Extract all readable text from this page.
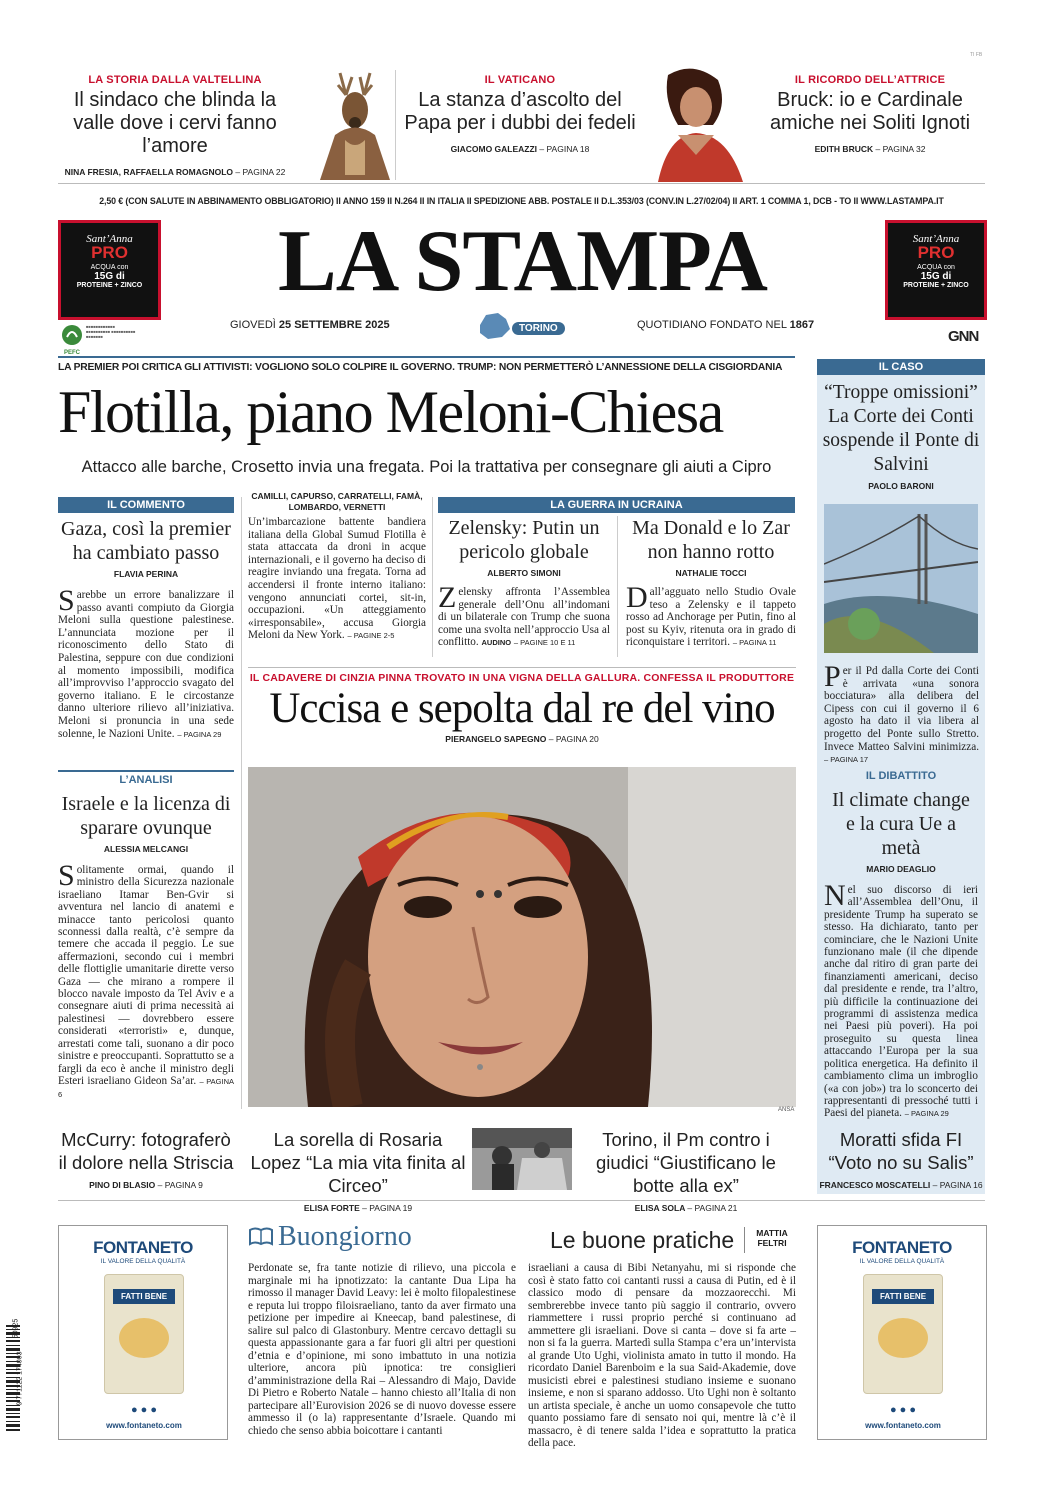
LA STORIA DALLA VALTELLINA
Il sindaco che blinda la valle dove i cervi fanno l’amore
NINA FRESIA, RAFFAELLA ROMAGNOLO – PAGINA 22
IL VATICANO
La stanza d’ascolto del Papa per i dubbi dei fedeli
GIACOMO GALEAZZI – PAGINA 18
IL RICORDO DELL’ATTRICE
Bruck: io e Cardinale amiche nei Soliti Ignoti
EDITH BRUCK – PAGINA 32
TI FB
2,50 € (CON SALUTE IN ABBINAMENTO OBBLIGATORIO) II ANNO 159 II N.264 II IN ITALIA II SPEDIZIONE ABB. POSTALE II D.L.353/03 (CONV.IN L.27/02/04) II ART. 1 COMMA 1, DCB - TO II WWW.LASTAMPA.IT
Sant’Anna
PRO
ACQUA con
15G di
PROTEINE + ZINCO
Sant’Anna
PRO
ACQUA con
15G di
PROTEINE + ZINCO
LA STAMPA
GIOVEDÌ 25 SETTEMBRE 2025	TORINO	QUOTIDIANO FONDATO NEL 1867
PEFC
■■■■■■■■■■■■ ■■■■■■■■■■ ■■■■■■■■■■ ■■■■■■■	GNN
LA PREMIER POI CRITICA GLI ATTIVISTI: VOGLIONO SOLO COLPIRE IL GOVERNO. TRUMP: NON PERMETTERÒ L’ANNESSIONE DELLA CISGIORDANIA
Flotilla, piano Meloni-Chiesa
Attacco alle barche, Crosetto invia una fregata. Poi la trattativa per consegnare gli aiuti a Cipro
IL COMMENTO
Gaza, così la premier ha cambiato passo
FLAVIA PERINA
Sarebbe un errore banalizzare il passo avanti compiuto da Giorgia Meloni sulla questione palestinese. L’annunciata mozione per il riconoscimento dello Stato di Palestina, seppure con due condizioni al momento impossibili, modifica all’improvviso l’approccio svagato del governo italiano. E le circostanze danno ulteriore rilievo all’iniziativa. Meloni si pronuncia in una sede solenne, le Nazioni Unite. – PAGINA 29
CAMILLI, CAPURSO, CARRATELLI, FAMÀ, LOMBARDO, VERNETTI
Un’imbarcazione battente bandiera italiana della Global Sumud Flotilla è stata attaccata da droni in acque internazionali, e il governo ha deciso di reagire inviando una fregata. Torna ad accendersi il fronte interno italiano: vengono annunciati cortei, sit-in, occupazioni. «Un atteggiamento «irresponsabile», accusa Giorgia Meloni da New York. – PAGINE 2-5
LA GUERRA IN UCRAINA
Zelensky: Putin un pericolo globale
ALBERTO SIMONI
Zelensky affronta l’Assemblea generale dell’Onu all’indomani di un bilaterale con Trump che suona come una svolta nell’approccio Usa al conflitto. AUDINO – PAGINE 10 E 11
Ma Donald e lo Zar non hanno rotto
NATHALIE TOCCI
Dall’agguato nello Studio Ovale teso a Zelensky e il tappeto rosso ad Anchorage per Putin, fino al post su Kyiv, ritenuta ora in grado di riconquistare i territori. – PAGINA 11
IL CADAVERE DI CINZIA PINNA TROVATO IN UNA VIGNA DELLA GALLURA. CONFESSA IL PRODUTTORE
Uccisa e sepolta dal re del vino
PIERANGELO SAPEGNO – PAGINA 20
ANSA
L’ANALISI
Israele e la licenza di sparare ovunque
ALESSIA MELCANGI
Solitamente ormai, quando il ministro della Sicurezza nazionale israeliano Itamar Ben-Gvir si avventura nel lancio di anatemi e minacce tanto pericolosi quanto sconnessi dalla realtà, c’è sempre da temere che accada il peggio. Le sue affermazioni, secondo cui i membri delle flottiglie umanitarie dirette verso Gaza — che mirano a rompere il blocco navale imposto da Tel Aviv e a consegnare aiuti di prima necessità ai palestinesi — dovrebbero essere considerati «terroristi» e, dunque, arrestati come tali, suonano a dir poco sinistre e preoccupanti. Soprattutto se a fargli da eco è anche il ministro degli Esteri israeliano Gideon Sa’ar. – PAGINA 6
IL CASO
“Troppe omissioni” La Corte dei Conti sospende il Ponte di Salvini
PAOLO BARONI
Per il Pd dalla Corte dei Conti è arrivata «una sonora bocciatura» alla delibera del Cipess con cui il governo il 6 agosto ha dato il via libera al progetto del Ponte sullo Stretto. Invece Matteo Salvini minimizza. – PAGINA 17
IL DIBATTITO
Il climate change e la cura Ue a metà
MARIO DEAGLIO
Nel suo discorso di ieri all’Assemblea dell’Onu, il presidente Trump ha superato se stesso. Ha dichiarato, tanto per cominciare, che le Nazioni Unite funzionano male (il che dipende anche dal ritiro di gran parte dei finanziamenti americani, deciso dal presidente e rende, tra l’altro, più difficile la continuazione dei programmi di assistenza medica nei Paesi più poveri). Ha poi proseguito su questa linea attaccando l’Europa per la sua politica energetica. Ha definito il cambiamento clima un imbroglio («a con job») tra lo sconcerto dei rappresentanti di pressoché tutti i Paesi del pianeta. – PAGINA 29
McCurry: fotograferò il dolore nella Striscia
PINO DI BLASIO – PAGINA 9
La sorella di Rosaria Lopez “La mia vita finita al Circeo”
ELISA FORTE – PAGINA 19
Torino, il Pm contro i giudici “Giustificano le botte alla ex”
ELISA SOLA – PAGINA 21
Moratti sfida FI “Voto no su Salis”
FRANCESCO MOSCATELLI – PAGINA 16
FONTANETO
IL VALORE DELLA QUALITÀ
FATTI BENE
● ● ●
www.fontaneto.com
FONTANETO
IL VALORE DELLA QUALITÀ
FATTI BENE
● ● ●
www.fontaneto.com
9 771122 174003
50925
Buongiorno	Le buone pratiche	MATTIA
FELTRI
Perdonate se, fra tante notizie di rilievo, una piccola e marginale mi ha ipnotizzato: la cantante Dua Lipa ha rimosso il manager David Leavy: lei è molto filopalestinese e reputa lui troppo filoisraeliano, tanto da aver firmato una petizione per impedire ai Kneecap, band palestinese, di salire sul palco di Glastonbury. Mentre cercavo dettagli su questa appassionante gara a far fuori gli altri per questioni d’etnia e d’opinione, mi sono imbattuto in una notizia ulteriore, ancora più ipnotica: tre consiglieri d’amministrazione della Rai – Alessandro di Majo, Davide Di Pietro e Roberto Natale – hanno chiesto all’Italia di non partecipare all’Eurovision 2026 se di nuovo dovesse essere ammesso il (o la) rappresentante d’Israele. Quando mi chiedo che senso abbia boicottare i cantanti
israeliani a causa di Bibi Netanyahu, mi si risponde che così è stato fatto coi cantanti russi a causa di Putin, ed è il classico modo di pensare da mozzaorecchi. Mi sembrerebbe invece tanto più saggio il contrario, ovvero riammettere i russi proprio perché si continuano ad ammettere gli israeliani. Dove si canta – dove si fa arte – non si fa la guerra. Martedì sulla Stampa c’era un’intervista al grande Uto Ughi, violinista amato in tutto il mondo. Ha ricordato Daniel Barenboim e la sua Said-Akademie, dove musicisti ebrei e palestinesi studiano insieme e suonano insieme, e non si sparano addosso. Uto Ughi non è soltanto un artista speciale, è anche un uomo consapevole che tutto quanto possiamo fare di sensato noi qui, mentre là c’è il massacro, è di tenere salda l’idea e soprattutto la pratica della pace.
